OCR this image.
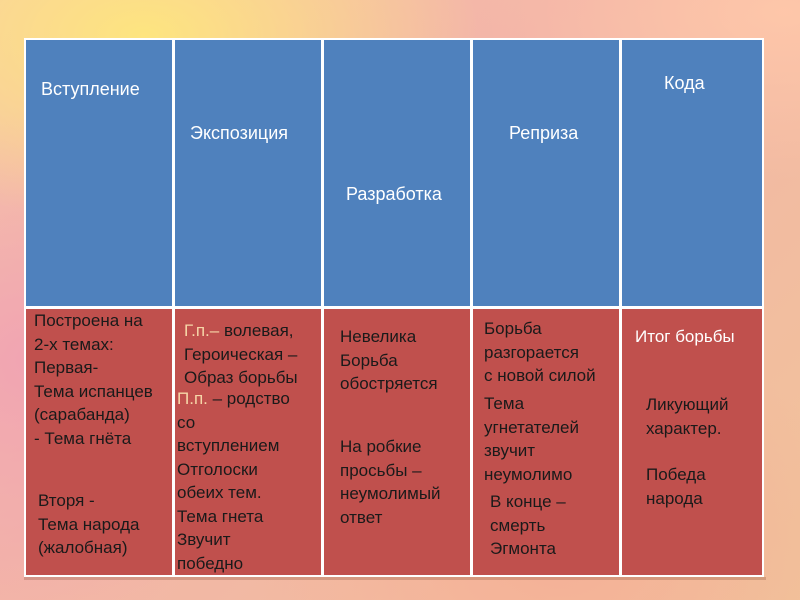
Вступление
Экспозиция
Разработка
Реприза
Кода
Построена на
2-х темах:
Первая-
Тема испанцев
(сарабанда)
- Тема гнёта
Вторя -
Тема народа
(жалобная)
Г.п.– волевая,
Героическая –
Образ борьбы
П.п. – родство
со
вступлением
Отголоски
обеих тем.
Тема гнета
Звучит
победно
Невелика
Борьба
обостряется
На робкие
просьбы –
неумолимый
ответ
Борьба
разгорается
с новой силой
Тема
угнетателей
звучит
неумолимо
В конце –
смерть
Эгмонта
Итог борьбы
Ликующий
характер.
Победа
народа
